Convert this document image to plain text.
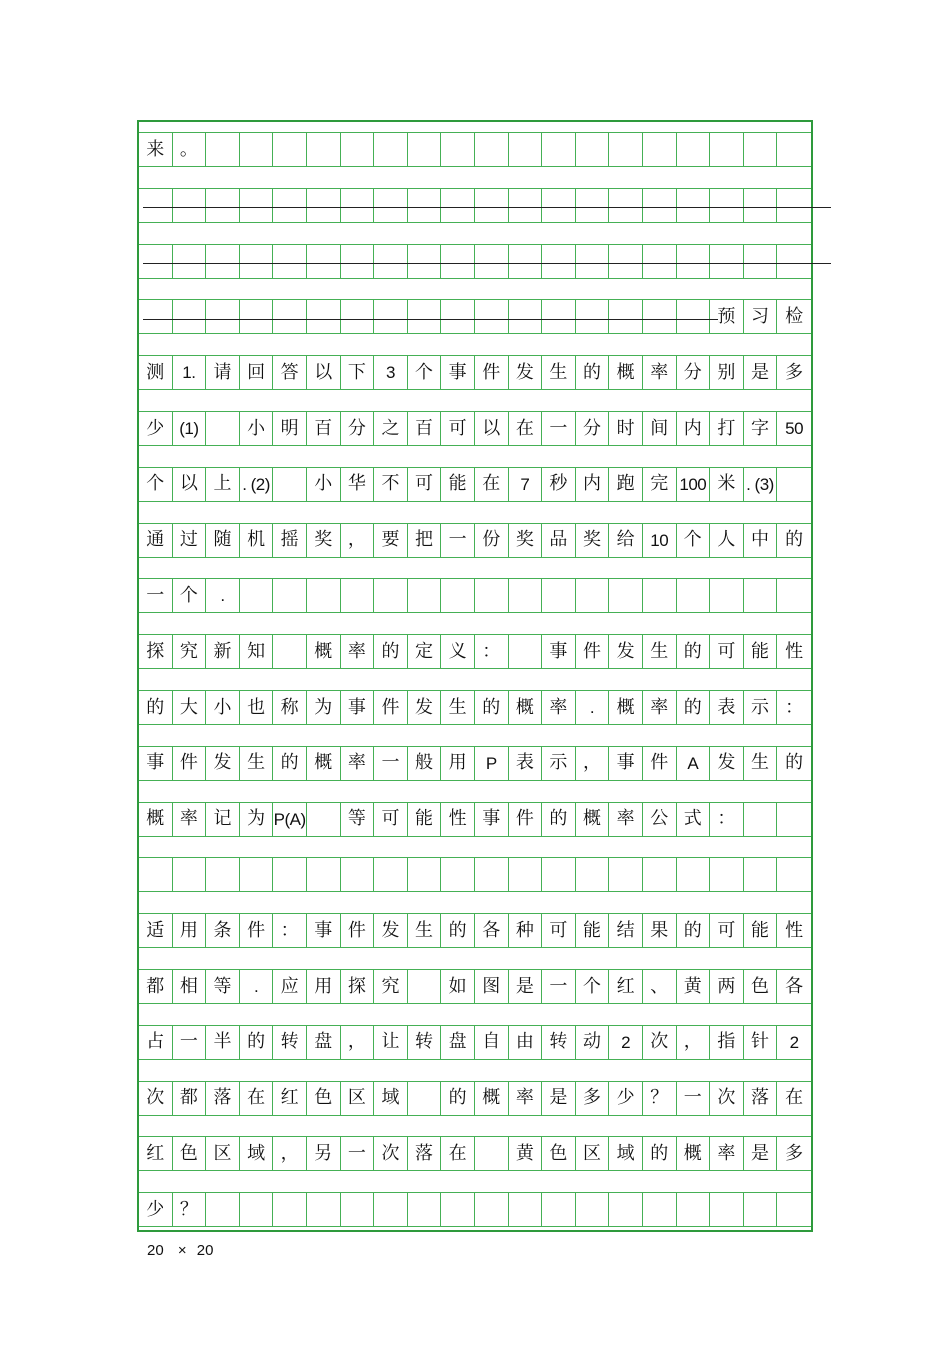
来 。
预 习 检
测	1.	请 回 答 以 下	3	个 事 件 发 生 的 概 率 分 别 是 多
少 (1)	小 明 百 分 之 百 可 以 在 一 分 时 间 内 打 字 50
个 以 上 . (2)	小 华 不 可 能 在	7	秒 内 跑 完 100 米 . (3)
通 过 随 机 摇 奖 ， 要 把 一 份 奖 品 奖 给 10 个 人 中 的
一 个	.
探 究 新 知	概 率 的 定 义 ：	事 件 发 生 的 可 能 性
的 大 小 也 称 为 事 件 发 生 的 概 率	.	概 率 的 表 示 ：
事 件 发 生 的 概 率 一 般 用	P	表 示 ， 事 件	A	发 生 的
概 率 记 为 P(A)	等 可 能 性 事 件 的 概 率 公 式 ：
适 用 条 件 ： 事 件 发 生 的 各 种 可 能 结 果 的 可 能 性
都 相 等	.	应 用 探 究	如 图 是 一 个 红 、 黄 两 色 各
占 一 半 的 转 盘 ， 让 转 盘 自 由 转 动	2	次 ， 指 针	2
次 都 落 在 红 色 区 域	的 概 率 是 多 少 ？ 一 次 落 在
红 色 区 域 ， 另 一 次 落 在	黄 色 区 域 的 概 率 是 多
少 ？
20 × 20
